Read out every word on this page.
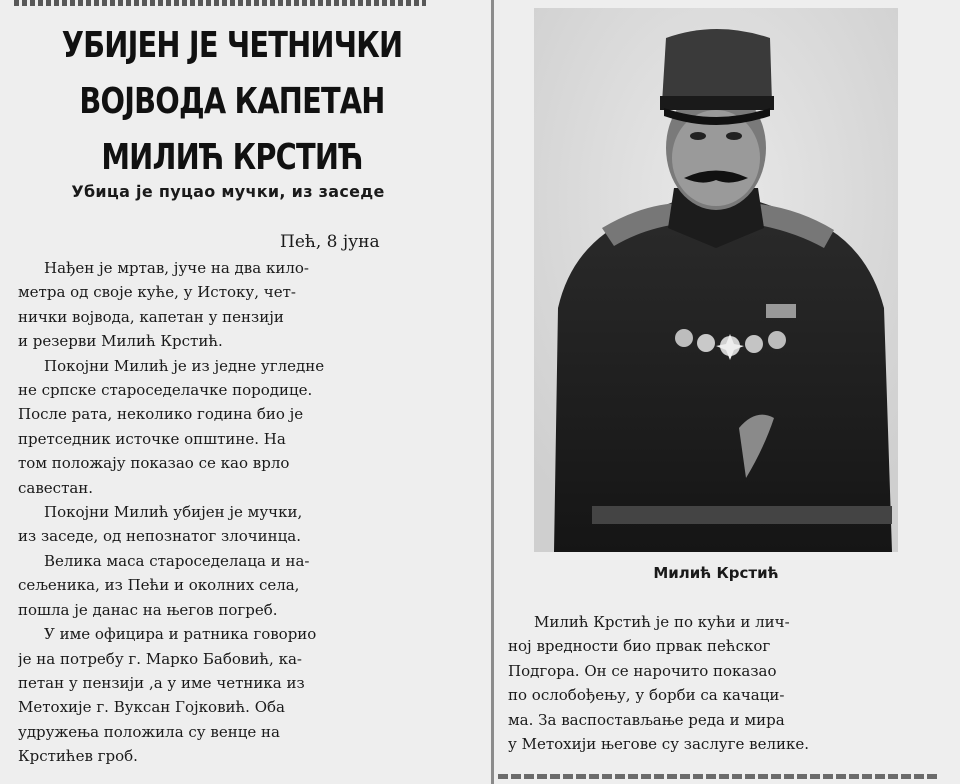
УБИЈЕН ЈЕ ЧЕТНИЧКИ
ВОЈВОДА КАПЕТАН
МИЛИЋ КРСТИЋ
Убица је пуцао мучки, из заседе
Пећ, 8 јуна
Нађен је мртав, јуче на два кило-
метра од своје куће, у Истоку, чет-
нички војвода, капетан у пензији
и резерви Милић Крстић.
Покојни Милић је из једне угледне
не српске староседелачке породице.
После рата, неколико година био је
претседник источке општине. На
том положају показао се као врло
савестан.
Покојни Милић убијен је мучки,
из заседе, од непознатог злочинца.
Велика маса староседелаца и на-
сељеника, из Пећи и околних села,
пошла је данас на његов погреб.
У име официра и ратника говорио
је на потребу г. Марко Бабовић, ка-
петан у пензији ,а у име четника из
Метохије г. Вуксан Гојковић. Оба
удружења положила су венце на
Крстићев гроб.
Милић Крстић
Милић Крстић је по кући и лич-
ној вредности био првак пећског
Подгора. Он се нарочито показао
по ослобођењу, у борби са качаци-
ма. За васпостављање реда и мира
у Метохији његове су заслуге велике.
